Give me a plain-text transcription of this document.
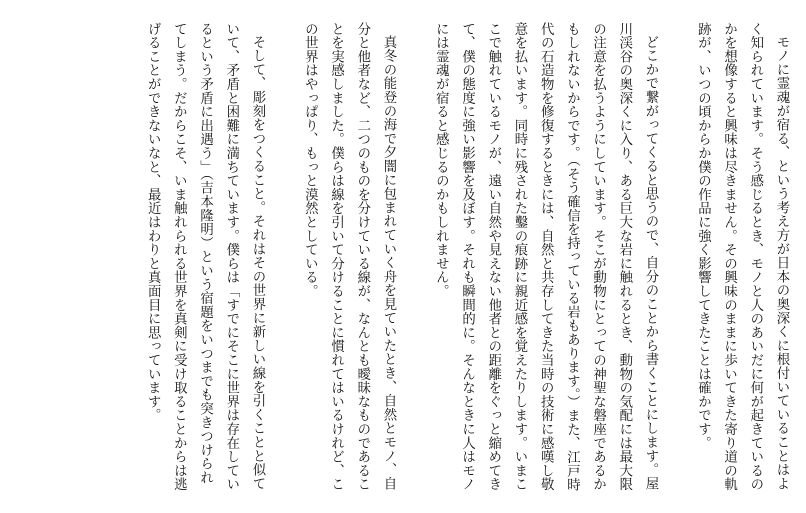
モノに霊魂が宿る、という考え方が日本の奥深くに根付いていることはよく知られています。そう感じるとき、モノと人のあいだに何が起きているのかを想像すると興味は尽きません。その興味のままに歩いてきた寄り道の軌跡が、いつの頃からか僕の作品に強く影響してきたことは確かです。

どこかで繋がってくると思うので、自分のことから書くことにします。屋川渓谷の奥深くに入り、ある巨大な岩に触れるとき、動物の気配には最大限の注意を払うようにしています。そこが動物にとっての神聖な磐座であるかもしれないからです。（そう確信を持っている岩もあります。）また、江戸時代の石造物を修復するときには、自然と共存してきた当時の技術に感嘆し敬意を払います。同時に残された鑿の痕跡に親近感を覚えたりします。いまここで触れているモノが、遠い自然や見えない他者との距離をぐっと縮めてきて、僕の態度に強い影響を及ぼす。それも瞬間的に。そんなときに人はモノには霊魂が宿ると感じるのかもしれません。

真冬の能登の海で夕闇に包まれていく舟を見ていたとき、自然とモノ、自分と他者など、二つのものを分けている線が、なんとも曖昧なものであることを実感しました。僕らは線を引いて分けることに慣れてはいるけれど、この世界はやっぱり、もっと漠然としている。

そして、彫刻をつくること。それはその世界に新しい線を引くことと似ていて、矛盾と困難に満ちています。僕らは「すでにそこに世界は存在しているという矛盾に出遇う」（吉本隆明）という宿題をいつまでも突きつけられてしまう。だからこそ、いま触れられる世界を真剣に受け取ることからは逃げることができないなと、最近はわりと真面目に思っています。
